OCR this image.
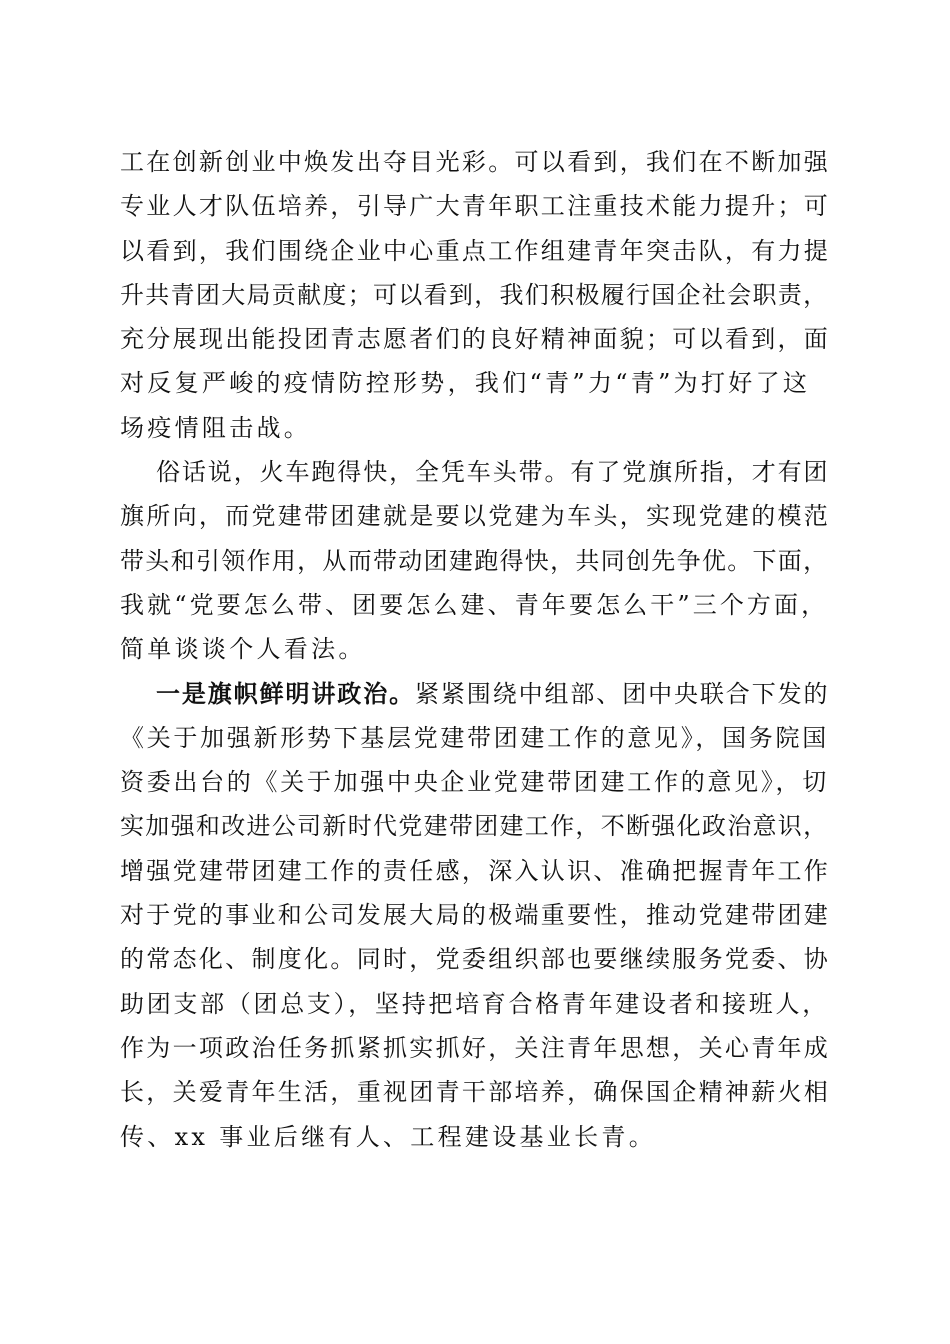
工在创新创业中焕发出夺目光彩。可以看到，我们在不断加强
专业人才队伍培养，引导广大青年职工注重技术能力提升；可
以看到，我们围绕企业中心重点工作组建青年突击队，有力提
升共青团大局贡献度；可以看到，我们积极履行国企社会职责，
充分展现出能投团青志愿者们的良好精神面貌；可以看到，面
对反复严峻的疫情防控形势，我们“青”力“青”为打好了这
场疫情阻击战。
俗话说，火车跑得快，全凭车头带。有了党旗所指，才有团
旗所向，而党建带团建就是要以党建为车头，实现党建的模范
带头和引领作用，从而带动团建跑得快，共同创先争优。下面，
我就“党要怎么带、团要怎么建、青年要怎么干”三个方面，
简单谈谈个人看法。
一是旗帜鲜明讲政治。紧紧围绕中组部、团中央联合下发的
《关于加强新形势下基层党建带团建工作的意见》，国务院国
资委出台的《关于加强中央企业党建带团建工作的意见》，切
实加强和改进公司新时代党建带团建工作，不断强化政治意识，
增强党建带团建工作的责任感，深入认识、准确把握青年工作
对于党的事业和公司发展大局的极端重要性，推动党建带团建
的常态化、制度化。同时，党委组织部也要继续服务党委、协
助团支部（团总支），坚持把培育合格青年建设者和接班人，
作为一项政治任务抓紧抓实抓好，关注青年思想，关心青年成
长，关爱青年生活，重视团青干部培养，确保国企精神薪火相
传、xx 事业后继有人、工程建设基业长青。
